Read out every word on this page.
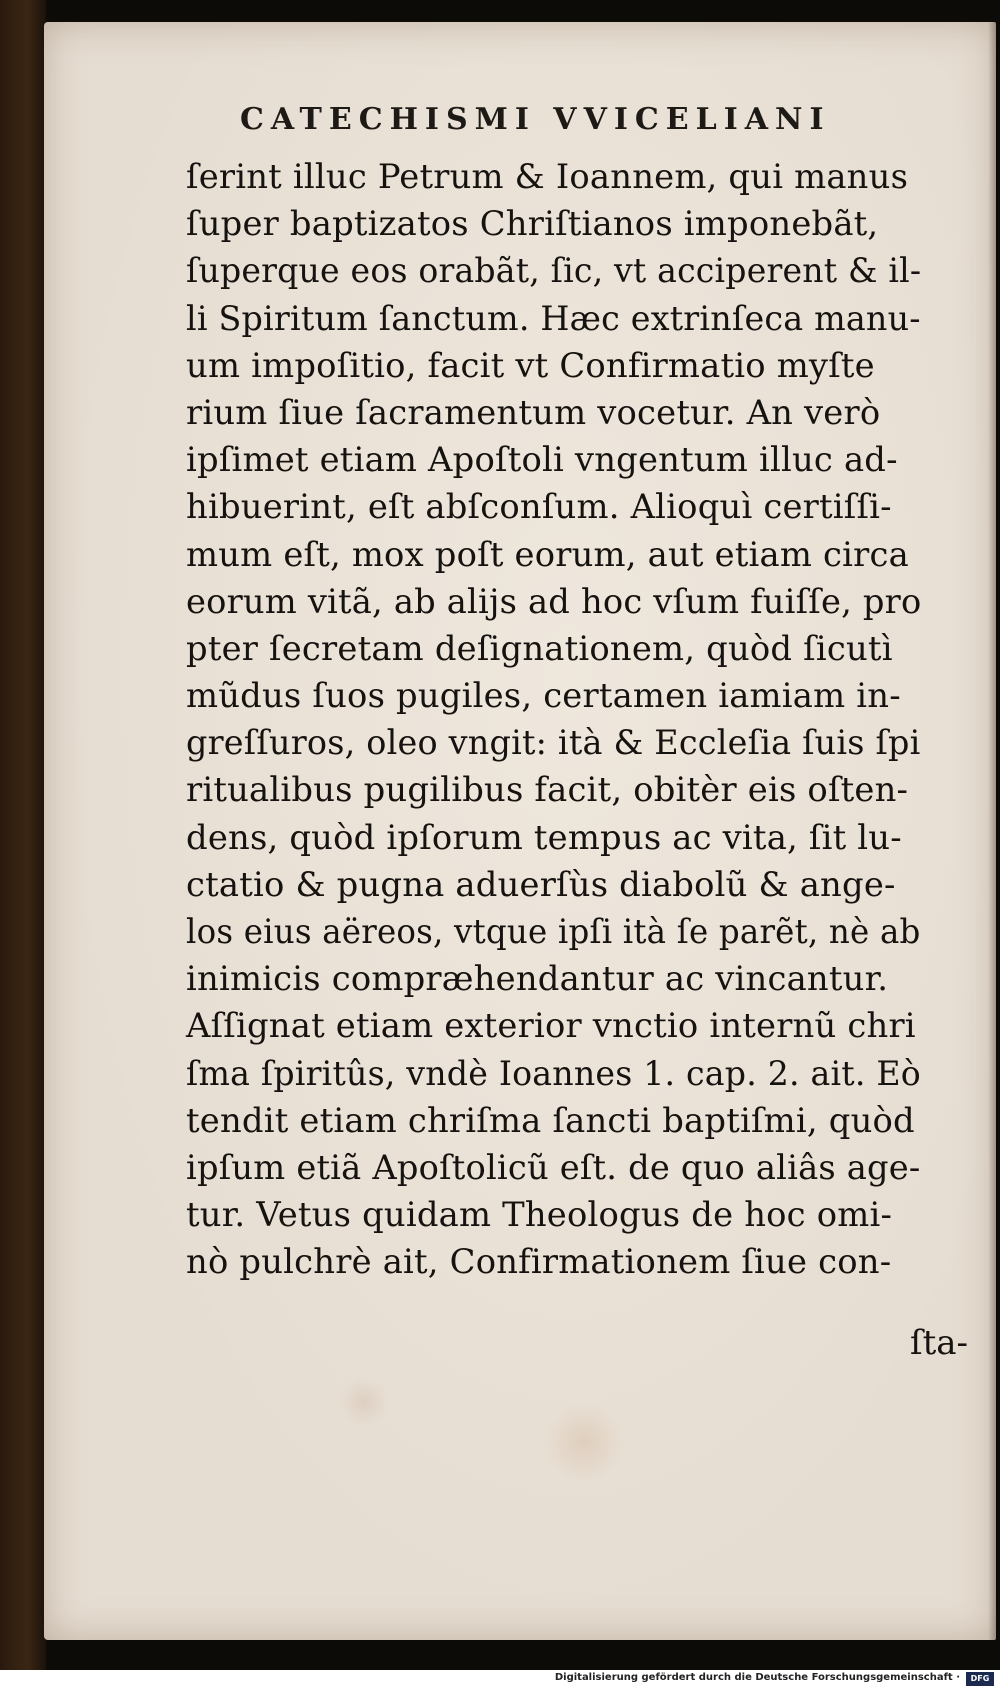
CATECHISMI VVICELIANI
ſerint illuc Petrum & Ioannem, qui manus
ſuper baptizatos Chriſtianos imponebãt,
ſuperque eos orabãt, ſic, vt acciperent & il-
li Spiritum ſanctum. Hæc extrinſeca manu-
um impoſitio, facit vt Confirmatio myſte
rium ſiue ſacramentum vocetur. An verò
ipſimet etiam Apoſtoli vngentum illuc ad-
hibuerint, eſt abſconſum. Alioquì certiſſi-
mum eſt, mox poſt eorum, aut etiam circa
eorum vitã, ab alijs ad hoc vſum fuiſſe, pro
pter ſecretam deſignationem, quòd ſicutì
mũdus ſuos pugiles, certamen iamiam in-
greſſuros, oleo vngit: ità & Eccleſia ſuis ſpi
ritualibus pugilibus facit, obitèr eis oſten-
dens, quòd ipſorum tempus ac vita, ſit lu-
ctatio & pugna aduerſùs diabolũ & ange-
los eius aëreos, vtque ipſi ità ſe parẽt, nè ab
inimicis compræhendantur ac vincantur.
Aſſignat etiam exterior vnctio internũ chri
ſma ſpiritûs, vndè Ioannes 1. cap. 2. ait. Eò
tendit etiam chriſma ſancti baptiſmi, quòd
ipſum etiã Apoſtolicũ eſt. de quo aliâs age-
tur. Vetus quidam Theologus de hoc omi-
nò pulchrè ait, Confirmationem ſiue con-
ſta-
Digitalisierung gefördert durch die Deutsche Forschungsgemeinschaft ·	DFG
